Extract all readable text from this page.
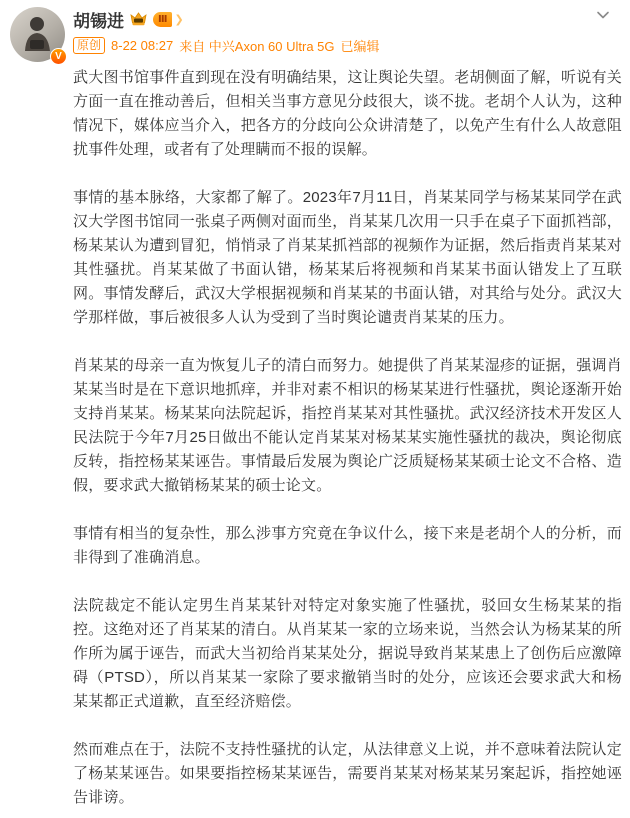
V
胡锡进	Ⅲ ❯
原创 8-22 08:27 来自 中兴Axon 60 Ultra 5G 已编辑

武大图书馆事件直到现在没有明确结果，这让舆论失望。老胡侧面了解，听说有关方面一直在推动善后，但相关当事方意见分歧很大，谈不拢。老胡个人认为，这种情况下，媒体应当介入，把各方的分歧向公众讲清楚了，以免产生有什么人故意阻扰事件处理，或者有了处理瞒而不报的误解。

事情的基本脉络，大家都了解了。2023年7月11日，肖某某同学与杨某某同学在武汉大学图书馆同一张桌子两侧对面而坐，肖某某几次用一只手在桌子下面抓裆部，杨某某认为遭到冒犯，悄悄录了肖某某抓裆部的视频作为证据，然后指责肖某某对其性骚扰。肖某某做了书面认错，杨某某后将视频和肖某某书面认错发上了互联网。事情发酵后，武汉大学根据视频和肖某某的书面认错，对其给与处分。武汉大学那样做，事后被很多人认为受到了当时舆论谴责肖某某的压力。

肖某某的母亲一直为恢复儿子的清白而努力。她提供了肖某某湿疹的证据，强调肖某某当时是在下意识地抓痒，并非对素不相识的杨某某进行性骚扰，舆论逐渐开始支持肖某某。杨某某向法院起诉，指控肖某某对其性骚扰。武汉经济技术开发区人民法院于今年7月25日做出不能认定肖某某对杨某某实施性骚扰的裁决，舆论彻底反转，指控杨某某诬告。事情最后发展为舆论广泛质疑杨某某硕士论文不合格、造假，要求武大撤销杨某某的硕士论文。

事情有相当的复杂性，那么涉事方究竟在争议什么，接下来是老胡个人的分析，而非得到了准确消息。

法院裁定不能认定男生肖某某针对特定对象实施了性骚扰，驳回女生杨某某的指控。这绝对还了肖某某的清白。从肖某某一家的立场来说，当然会认为杨某某的所作所为属于诬告，而武大当初给肖某某处分，据说导致肖某某患上了创伤后应激障碍（PTSD），所以肖某某一家除了要求撤销当时的处分，应该还会要求武大和杨某某都正式道歉，直至经济赔偿。

然而难点在于，法院不支持性骚扰的认定，从法律意义上说，并不意味着法院认定了杨某某诬告。如果要指控杨某某诬告，需要肖某某对杨某某另案起诉，指控她诬告诽谤。
